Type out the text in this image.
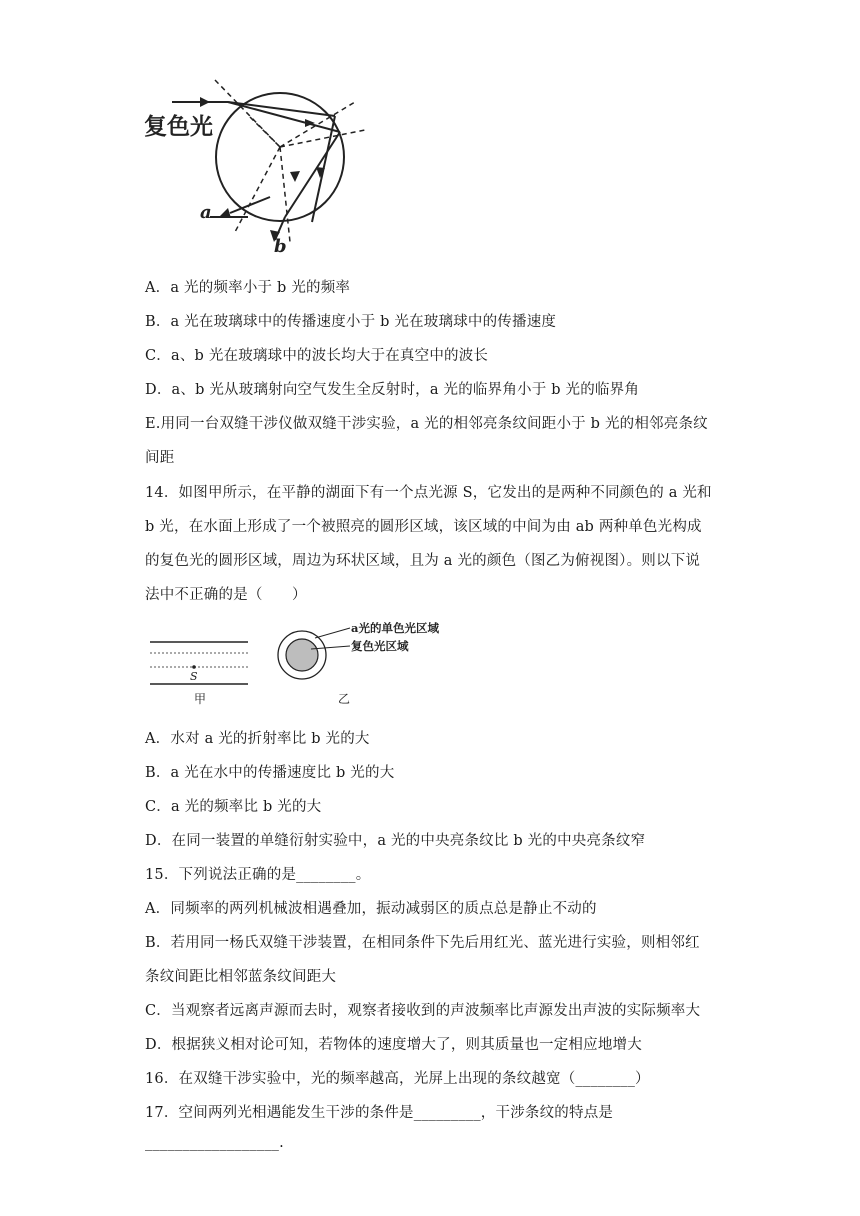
复色光
a
b
A．a 光的频率小于 b 光的频率
B．a 光在玻璃球中的传播速度小于 b 光在玻璃球中的传播速度
C．a、b 光在玻璃球中的波长均大于在真空中的波长
D．a、b 光从玻璃射向空气发生全反射时，a 光的临界角小于 b 光的临界角
E.用同一台双缝干涉仪做双缝干涉实验，a 光的相邻亮条纹间距小于 b 光的相邻亮条纹
间距
14．如图甲所示，在平静的湖面下有一个点光源 S，它发出的是两种不同颜色的 a 光和
b 光，在水面上形成了一个被照亮的圆形区域，该区域的中间为由 ab 两种单色光构成
的复色光的圆形区域，周边为环状区域，且为 a 光的颜色（图乙为俯视图）。则以下说
法中不正确的是（　　）
S
甲
a光的单色光区域
复色光区域
乙
A．水对 a 光的折射率比 b 光的大
B．a 光在水中的传播速度比 b 光的大
C．a 光的频率比 b 光的大
D．在同一装置的单缝衍射实验中，a 光的中央亮条纹比 b 光的中央亮条纹窄
15．下列说法正确的是________。
A．同频率的两列机械波相遇叠加，振动减弱区的质点总是静止不动的
B．若用同一杨氏双缝干涉装置，在相同条件下先后用红光、蓝光进行实验，则相邻红
条纹间距比相邻蓝条纹间距大
C．当观察者远离声源而去时，观察者接收到的声波频率比声源发出声波的实际频率大
D．根据狭义相对论可知，若物体的速度增大了，则其质量也一定相应地增大
16．在双缝干涉实验中，光的频率越高，光屏上出现的条纹越宽（________）
17．空间两列光相遇能发生干涉的条件是_________，干涉条纹的特点是
__________________.
